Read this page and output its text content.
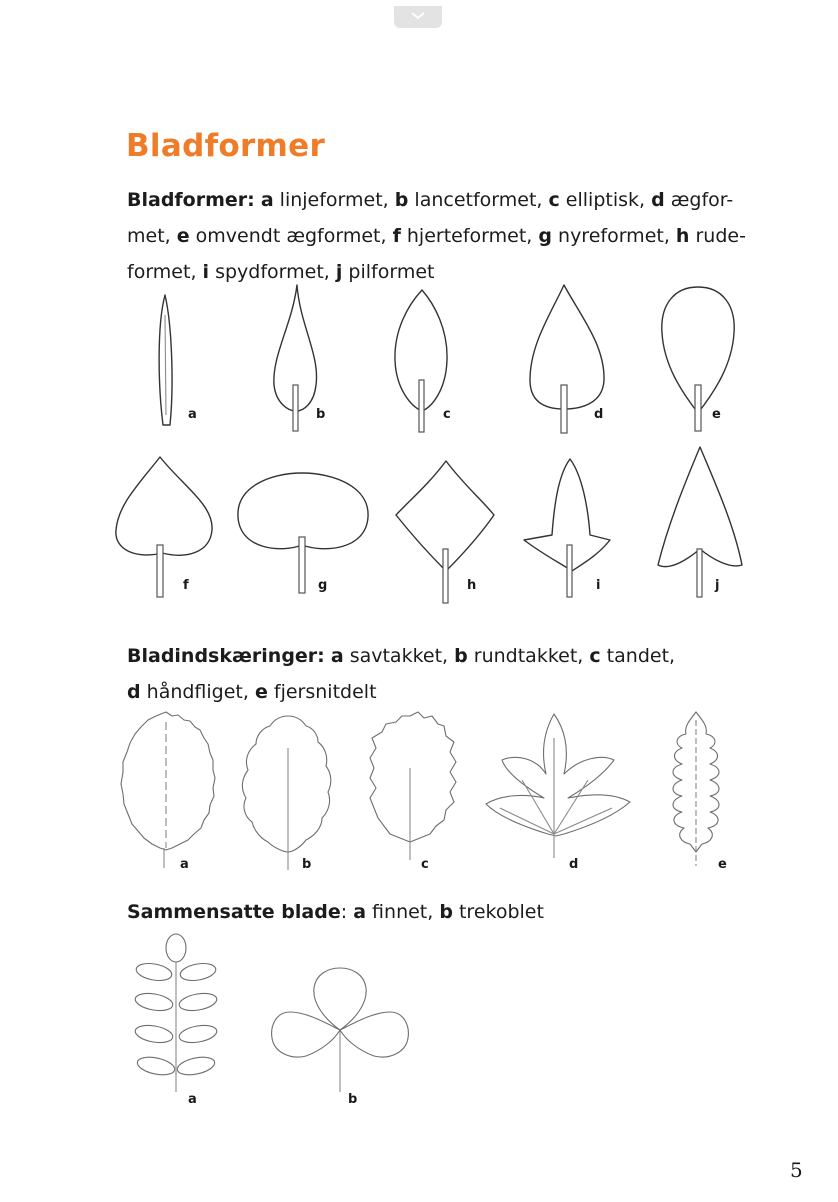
Bladformer

Bladformer: a linjeformet, b lancetformet, c elliptisk, d ægfor-
met, e omvendt ægformet, f hjerteformet, g nyreformet, h rude-
formet, i spydformet, j pilformet

a	b	c	d	e
f	g	h	i	j

Bladindskæringer: a savtakket, b rundtakket, c tandet,
d håndfliget, e fjersnitdelt

a	b	c	d	e

Sammensatte blade: a finnet, b trekoblet

a	b
5
